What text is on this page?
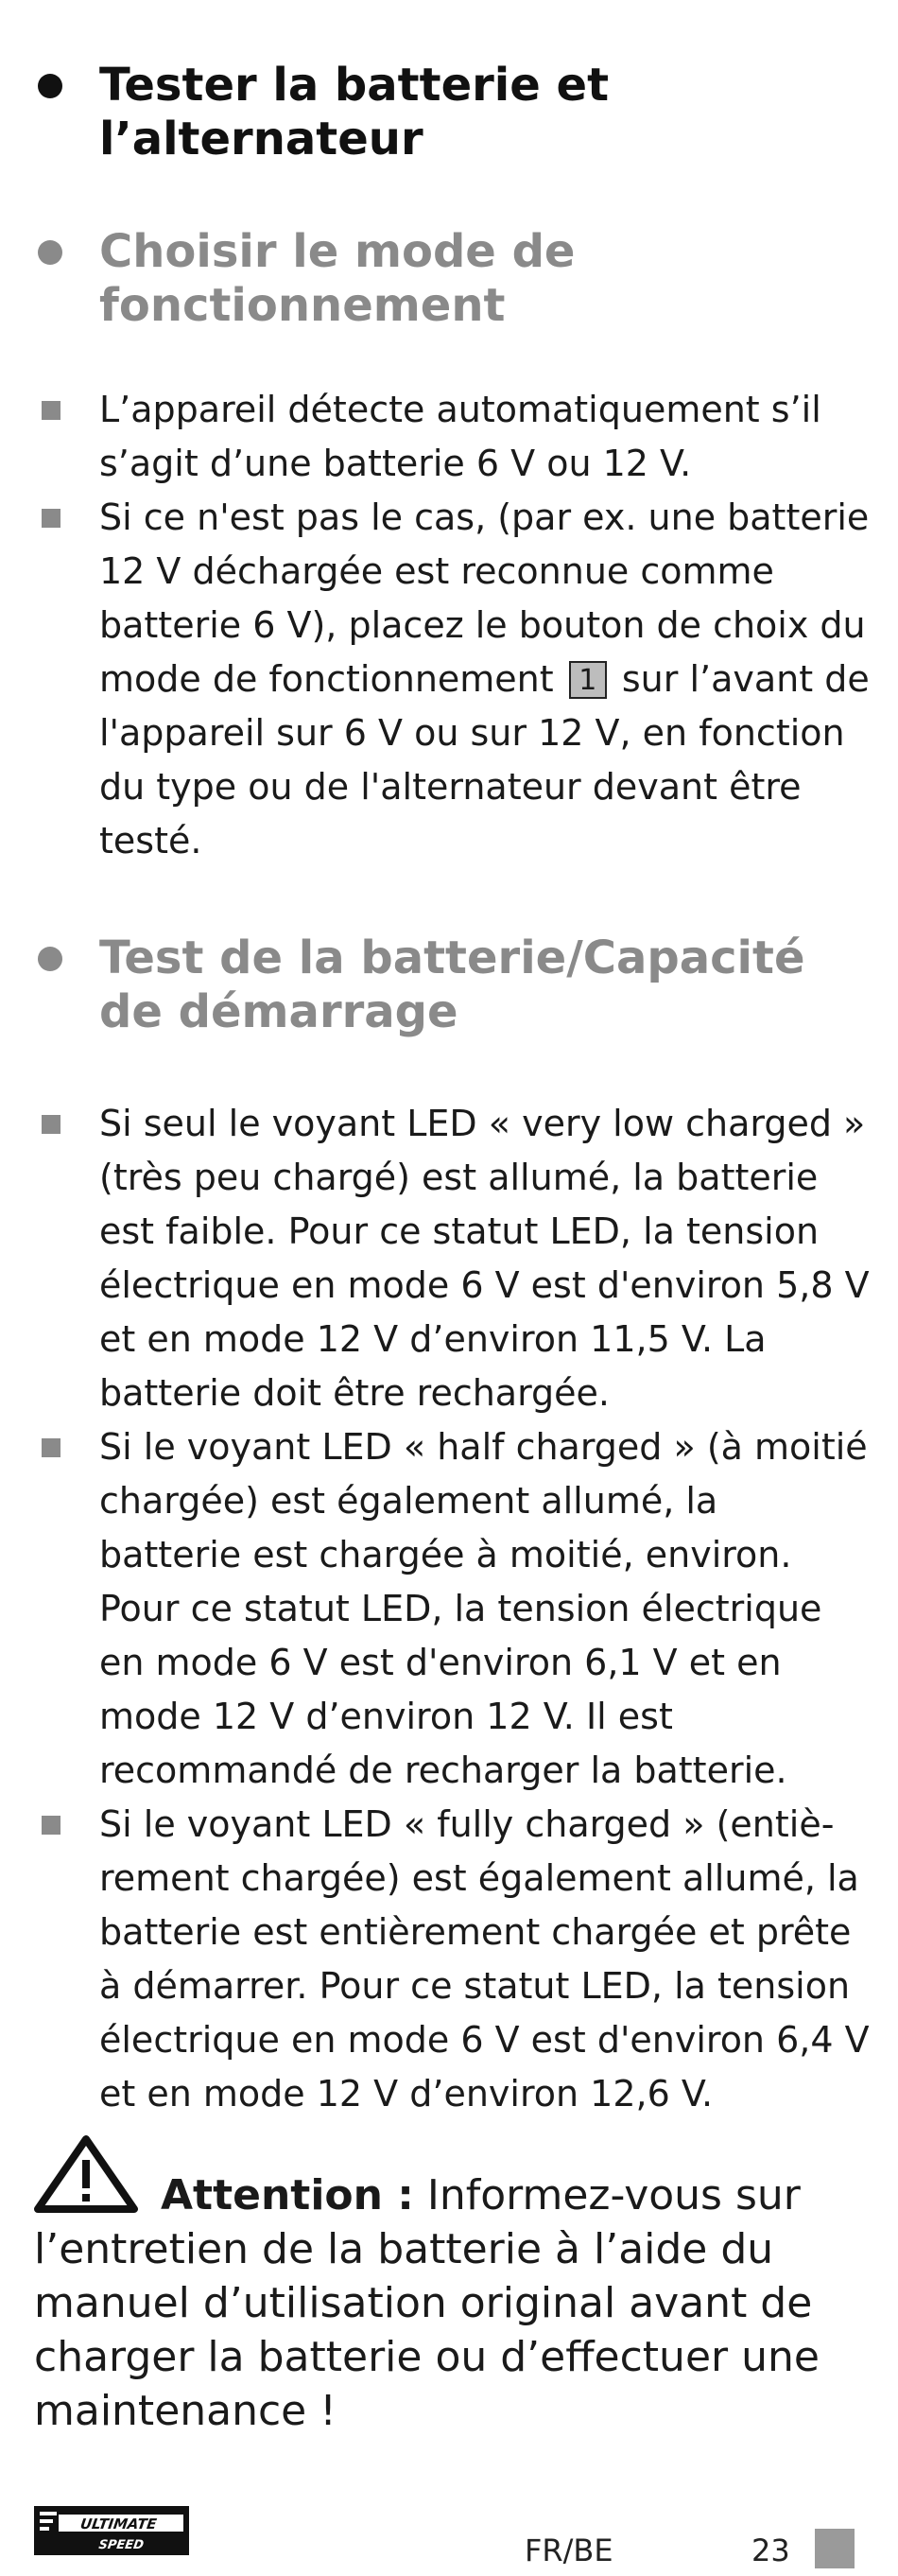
Tester la batterie et l’alternateur
Choisir le mode de fonctionnement
L’appareil détecte automatiquement s’il s’agit d’une batterie 6 V ou 12 V.
Si ce n'est pas le cas, (par ex. une batterie 12 V déchargée est reconnue comme batterie 6 V), placez le bouton de choix du mode de fonctionnement 1 sur l’avant de l'appareil sur 6 V ou sur 12 V, en fonction du type ou de l'alternateur devant être testé.
Test de la batterie/Capacité de démarrage
Si seul le voyant LED « very low charged » (très peu chargé) est allumé, la batterie est faible. Pour ce statut LED, la tension électrique en mode 6 V est d'environ 5,8 V et en mode 12 V d’environ 11,5 V. La batterie doit être rechargée.
Si le voyant LED « half charged » (à moitié chargée) est également allumé, la batterie est chargée à moitié, environ. Pour ce statut LED, la tension électrique en mode 6 V est d'environ 6,1 V et en mode 12 V d’environ 12 V. Il est recommandé de recharger la batterie.
Si le voyant LED « fully charged » (entiè-rement chargée) est également allumé, la batterie est entièrement chargée et prête à démarrer. Pour ce statut LED, la tension électrique en mode 6 V est d'environ 6,4 V et en mode 12 V d’environ 12,6 V.
Attention : Informez-vous sur l’entretien de la batterie à l’aide du manuel d’utilisation original avant de charger la batterie ou d’effectuer une maintenance !
ULTIMATE
SPEED	FR/BE	23
